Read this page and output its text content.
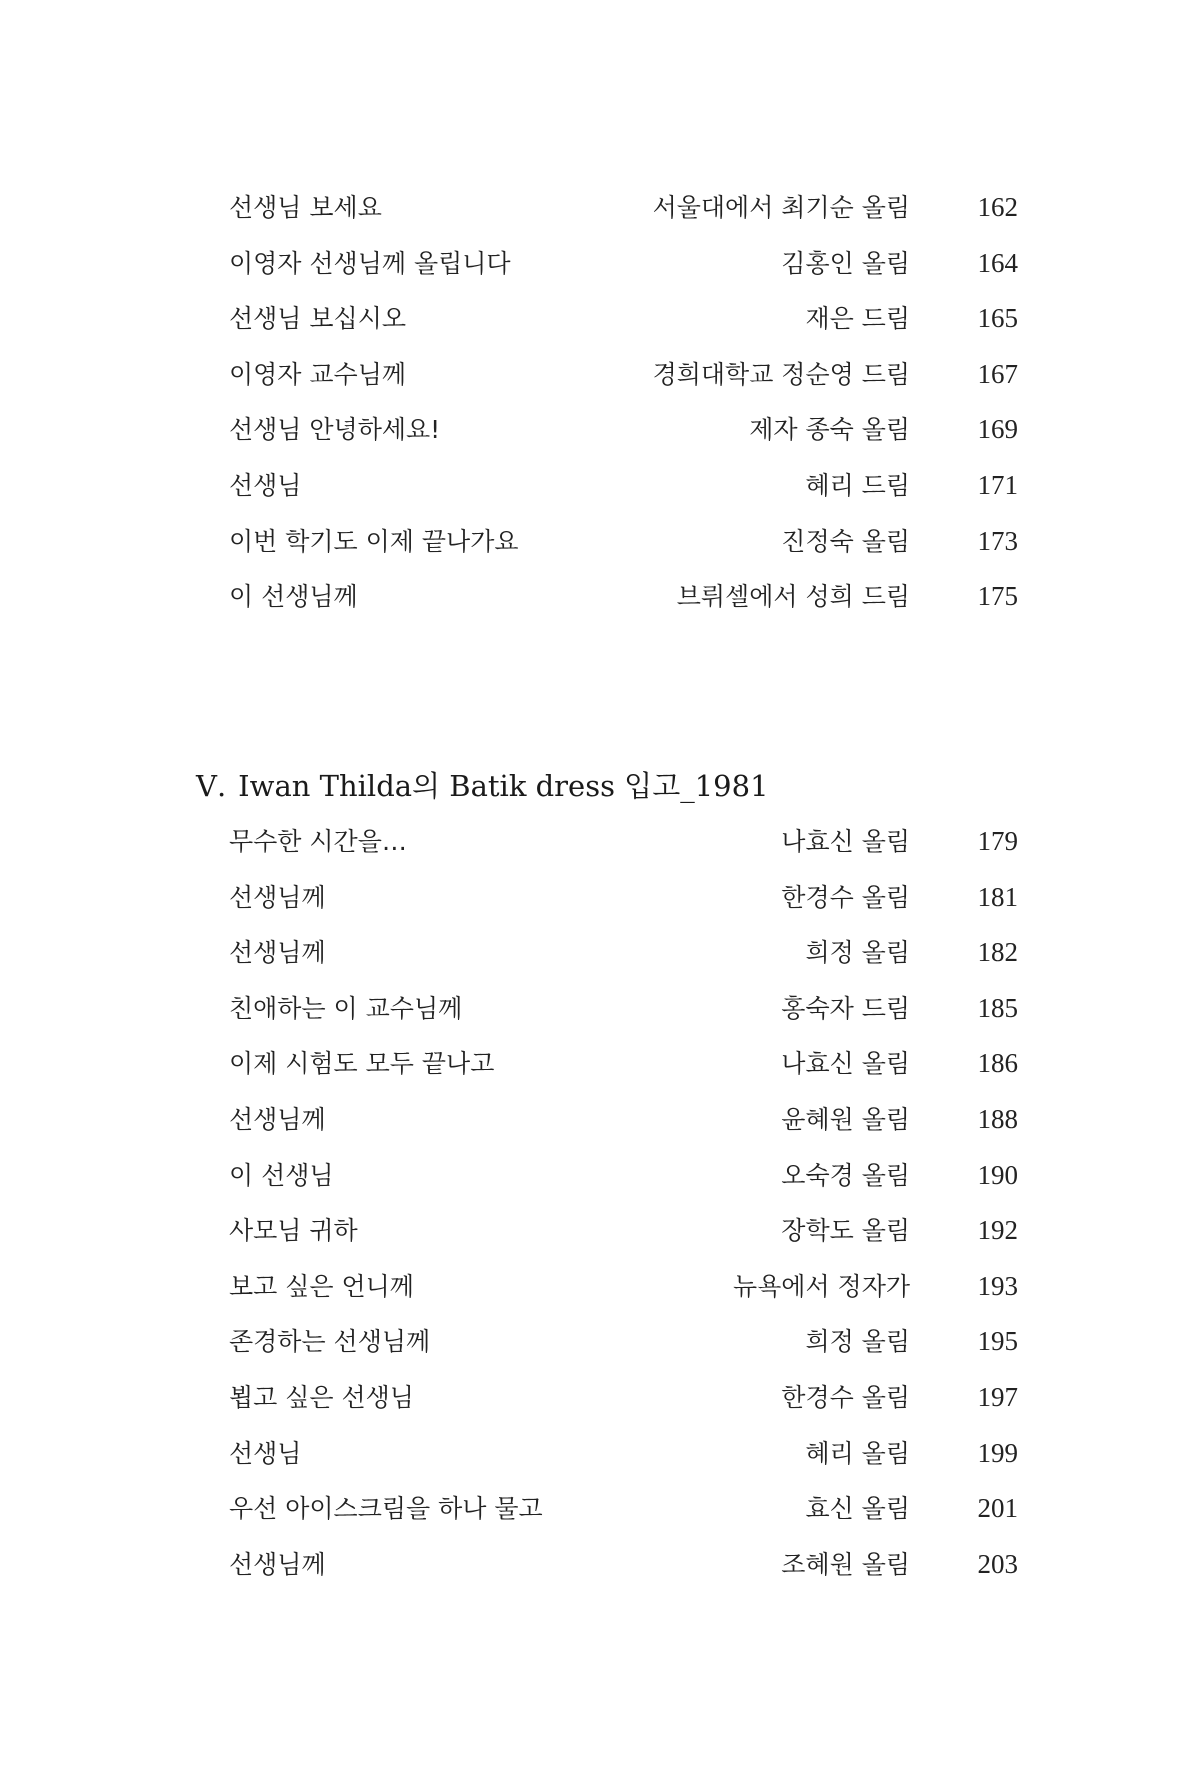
선생님 보세요	서울대에서 최기순 올림	162
이영자 선생님께 올립니다	김홍인 올림	164
선생님 보십시오	재은 드림	165
이영자 교수님께	경희대학교 정순영 드림	167
선생님 안녕하세요!	제자 종숙 올림	169
선생님	혜리 드림	171
이번 학기도 이제 끝나가요	진정숙 올림	173
이 선생님께	브뤼셀에서 성희 드림	175
Ⅴ. Iwan Thilda의 Batik dress 입고_1981
무수한 시간을…	나효신 올림	179
선생님께	한경수 올림	181
선생님께	희정 올림	182
친애하는 이 교수님께	홍숙자 드림	185
이제 시험도 모두 끝나고	나효신 올림	186
선생님께	윤혜원 올림	188
이 선생님	오숙경 올림	190
사모님 귀하	장학도 올림	192
보고 싶은 언니께	뉴욕에서 정자가	193
존경하는 선생님께	희정 올림	195
뵙고 싶은 선생님	한경수 올림	197
선생님	혜리 올림	199
우선 아이스크림을 하나 물고	효신 올림	201
선생님께	조혜원 올림	203
